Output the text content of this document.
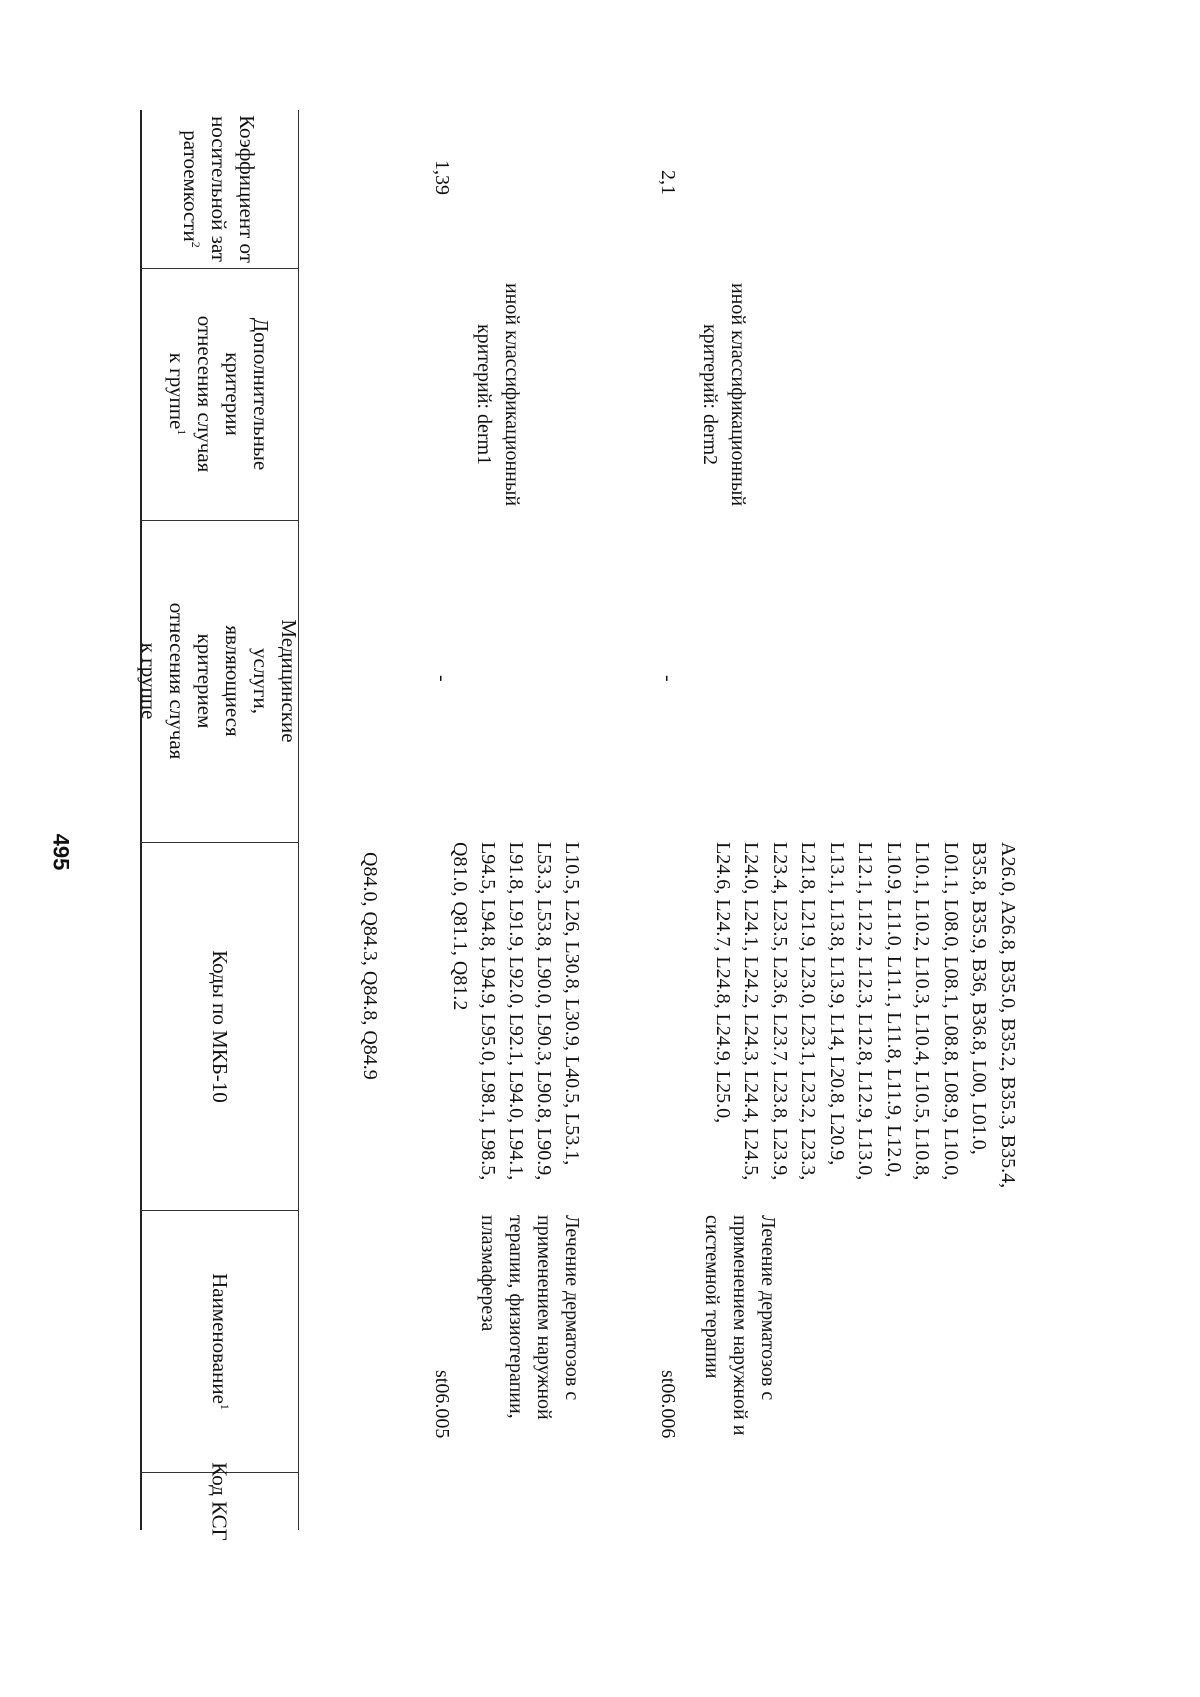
495
Код КСГ
Наименование$^1$
Коды по МКБ-10
Медицинские услуги, являющиеся критерием отнесения случая к группе
Дополнительные критерии отнесения случая к группе$^1$
Коэффициент относительной затратоемкости$^2$
Q84.0, Q84.3, Q84.8, Q84.9
st06.005
Лечение дерматозов с применением наружной терапии, физиотерапии, плазмафереза
L10.5, L26, L30.8, L30.9, L40.5, L53.1, L53.3, L53.8, L90.0, L90.3, L90.8, L90.9, L91.8, L91.9, L92.0, L92.1, L94.0, L94.1, L94.5, L94.8, L94.9, L95.0, L98.1, L98.5, Q81.0, Q81.1, Q81.2
-
иной классификационный критерий: derm1
1,39
st06.006
Лечение дерматозов с применением наружной и системной терапии
A26.0, A26.8, B35.0, B35.2, B35.3, B35.4, B35.8, B35.9, B36, B36.8, L00, L01.0, L01.1, L08.0, L08.1, L08.8, L08.9, L10.0, L10.1, L10.2, L10.3, L10.4, L10.5, L10.8, L10.9, L11.0, L11.1, L11.8, L11.9, L12.0, L12.1, L12.2, L12.3, L12.8, L12.9, L13.0, L13.1, L13.8, L13.9, L14, L20.8, L20.9, L21.8, L21.9, L23.0, L23.1, L23.2, L23.3, L23.4, L23.5, L23.6, L23.7, L23.8, L23.9, L24.0, L24.1, L24.2, L24.3, L24.4, L24.5, L24.6, L24.7, L24.8, L24.9, L25.0,
-
иной классификационный критерий: derm2
2,1
